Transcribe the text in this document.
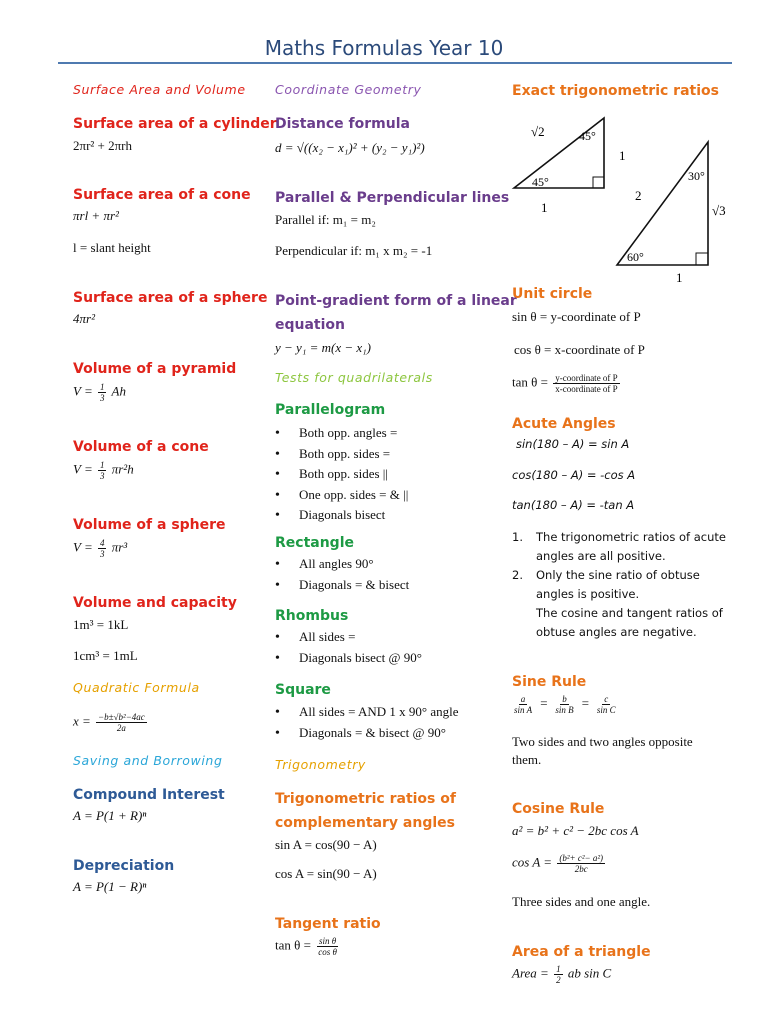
Maths Formulas Year 10
Surface Area and Volume
Surface area of a cylinder
2πr² + 2πrh
Surface area of a cone
πrl + πr²
l = slant height
Surface area of a sphere
4πr²
Volume of a pyramid
$V = \frac{1}{3}$ Ah
Volume of a cone
$V = \frac{1}{3} \pi r^2h$
Volume of a sphere
$V = \frac{4}{3} \pi r^3$
Volume and capacity
1m³ = 1kL
1cm³ = 1mL
Quadratic Formula
$x = \frac{\text{−b±√b²−4ac}}{2a}$
Saving and Borrowing
Compound Interest
A = P(1 + R)ⁿ
Depreciation
A = P(1 − R)ⁿ
Coordinate Geometry
Distance formula
d = √((x₂ − x₁)² + (y₂ − y₁)²)
Parallel & Perpendicular lines
Parallel if: m₁ = m₂
Perpendicular if: m₁ x m₂ = -1
Point-gradient form of a linear
equation
y − y₁ = m(x − x₁)
Tests for quadrilaterals
Parallelogram
• Both opp. angles =
• Both opp. sides =
• Both opp. sides ||
• One opp. sides = & ||
• Diagonals bisect
Rectangle
• All angles 90°
• Diagonals = & bisect
Rhombus
• All sides =
• Diagonals bisect @ 90°
Square
• All sides = AND 1 x 90° angle
• Diagonals = & bisect @ 90°
Trigonometry
Trigonometric ratios of
complementary angles
sin A = cos(90 − A)
cos A = sin(90 − A)
Tangent ratio
$\tan \theta = \frac{\text{sin θ}}{\text{cos θ}}$
Exact trigonometric ratios
√2	45°
45°
1
1
2
30°
60°
√3
1
Unit circle
sin θ = y-coordinate of P
cos θ = x-coordinate of P
$\tan \theta = \frac{\text{y-coordinate of P}}{\text{x-coordinate of P}}$
Acute Angles
sin(180 – A) = sin A
cos(180 – A) = -cos A
tan(180 – A) = -tan A
1. The trigonometric ratios of acute
angles are all positive.
2. Only the sine ratio of obtuse
angles is positive.
The cosine and tangent ratios of
obtuse angles are negative.
Sine Rule
$\frac{a}{\text{sin A}} = \frac{b}{\text{sin B}} = \frac{c}{\text{sin C}}$
Two sides and two angles opposite
them.
Cosine Rule
a² = b² + c² − 2bc cos A
$\cos A = \frac{\text{(b²+ c²− a²)}}{2bc}$
Three sides and one angle.
Area of a triangle
Area = $\frac{1}{2}$ ab sin C
